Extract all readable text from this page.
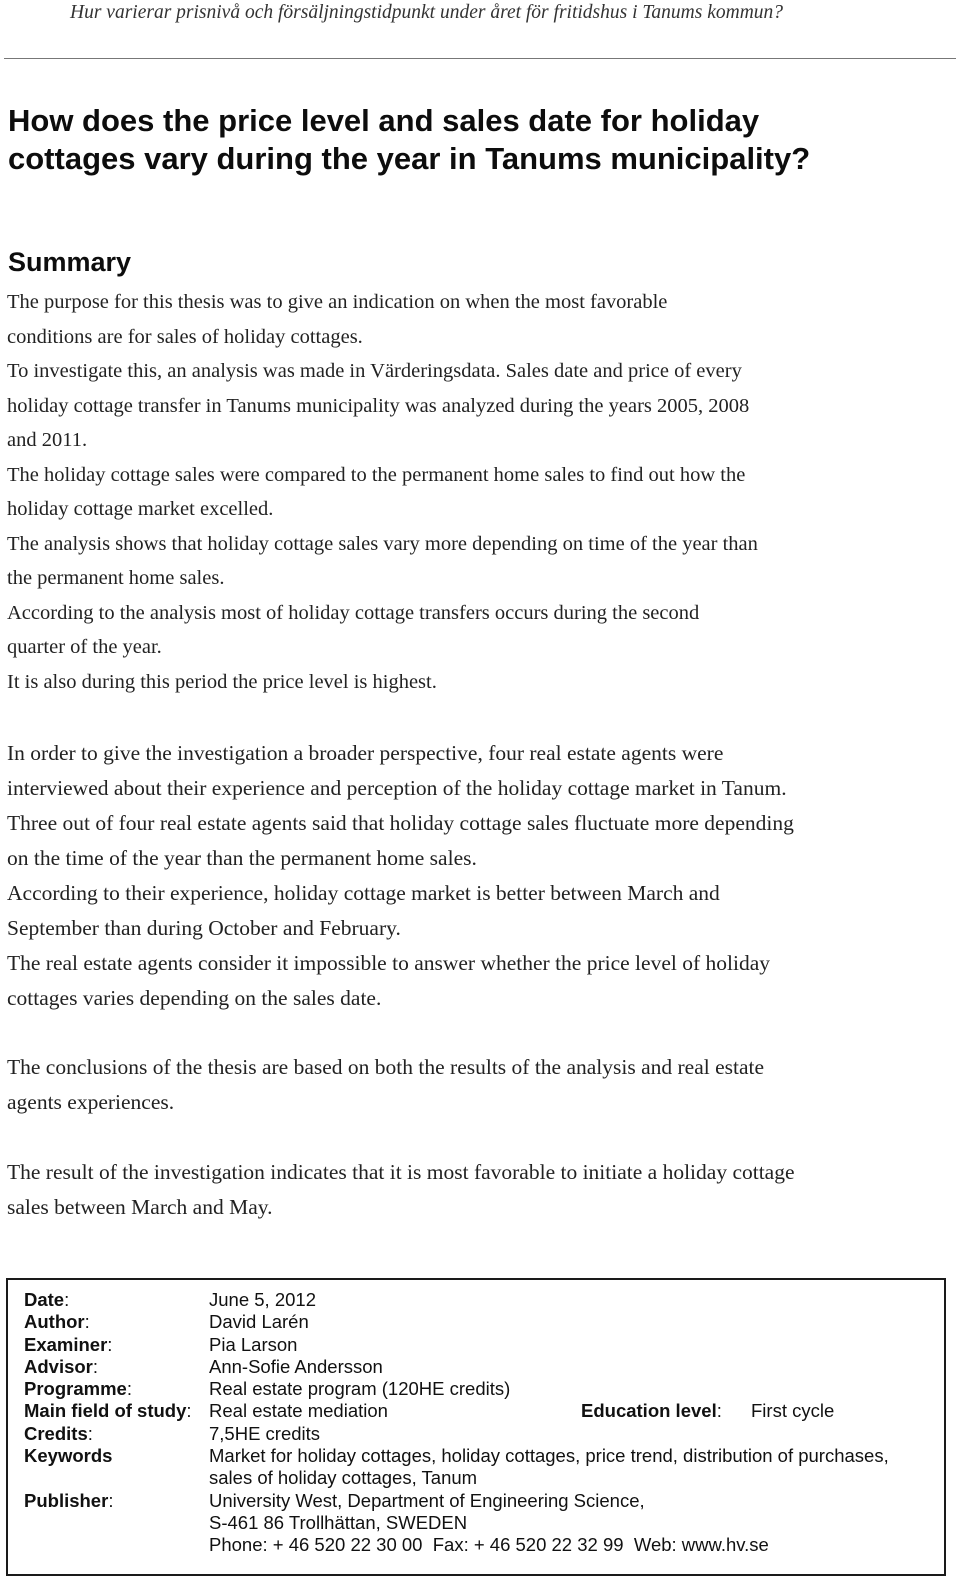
Hur varierar prisnivå och försäljningstidpunkt under året för fritidshus i Tanums kommun?
How does the price level and sales date for holiday
cottages vary during the year in Tanums municipality?
Summary
The purpose for this thesis was to give an indication on when the most favorable
conditions are for sales of holiday cottages.
To investigate this, an analysis was made in Värderingsdata. Sales date and price of every
holiday cottage transfer in Tanums municipality was analyzed during the years 2005, 2008
and 2011.
The holiday cottage sales were compared to the permanent home sales to find out how the
holiday cottage market excelled.
The analysis shows that holiday cottage sales vary more depending on time of the year than
the permanent home sales.
According to the analysis most of holiday cottage transfers occurs during the second
quarter of the year.
It is also during this period the price level is highest.
In order to give the investigation a broader perspective, four real estate agents were
interviewed about their experience and perception of the holiday cottage market in Tanum.
Three out of four real estate agents said that holiday cottage sales fluctuate more depending
on the time of the year than the permanent home sales.
According to their experience, holiday cottage market is better between March and
September than during October and February.
The real estate agents consider it impossible to answer whether the price level of holiday
cottages varies depending on the sales date.
The conclusions of the thesis are based on both the results of the analysis and real estate
agents experiences.
The result of the investigation indicates that it is most favorable to initiate a holiday cottage
sales between March and May.
Date:	June 5, 2012		
Author:	David Larén		
Examiner:	Pia Larson		
Advisor:	Ann-Sofie Andersson		
Programme:	Real estate program (120HE credits)		
Main field of study:	Real estate mediation	Education level:	First cycle
Credits:	7,5HE credits		
Keywords	Market for holiday cottages, holiday cottages, price trend, distribution of purchases,
sales of holiday cottages, Tanum		

Publisher:	University West, Department of Engineering Science,
S-461 86 Trollhättan, SWEDEN
Phone: + 46 520 22 30 00  Fax: + 46 520 22 32 99  Web: www.hv.se		
